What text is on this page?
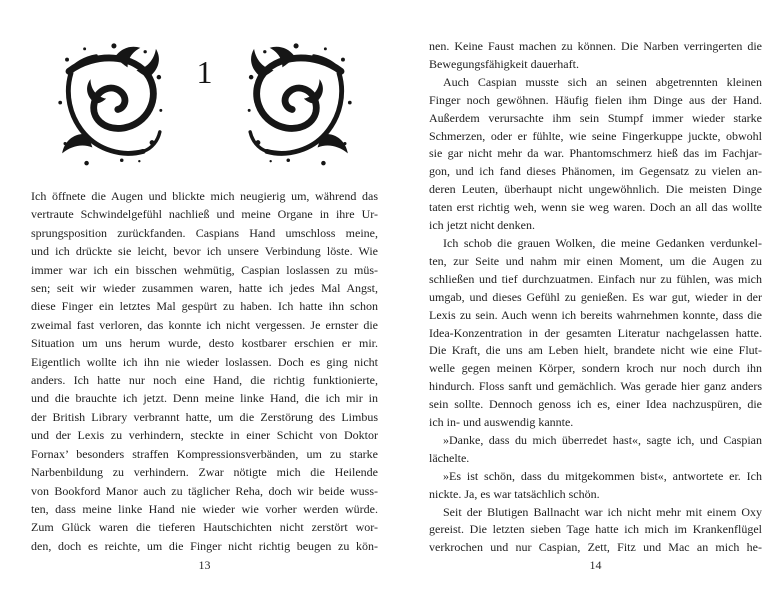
1
Ich öffnete die Augen und blickte mich neugierig um, während das
vertraute Schwindelgefühl nachließ und meine Organe in ihre Ur-
sprungsposition zurückfanden. Caspians Hand umschloss meine,
und ich drückte sie leicht, bevor ich unsere Verbindung löste. Wie
immer war ich ein bisschen wehmütig, Caspian loslassen zu müs-
sen; seit wir wieder zusammen waren, hatte ich jedes Mal Angst,
diese Finger ein letztes Mal gespürt zu haben. Ich hatte ihn schon
zweimal fast verloren, das konnte ich nicht vergessen. Je ernster die
Situation um uns herum wurde, desto kostbarer erschien er mir.
Eigentlich wollte ich ihn nie wieder loslassen. Doch es ging nicht
anders. Ich hatte nur noch eine Hand, die richtig funktionierte,
und die brauchte ich jetzt. Denn meine linke Hand, die ich mir in
der British Library verbrannt hatte, um die Zerstörung des Limbus
und der Lexis zu verhindern, steckte in einer Schicht von Doktor
Fornax’ besonders straffen Kompressionsverbänden, um zu starke
Narbenbildung zu verhindern. Zwar nötigte mich die Heilende
von Bookford Manor auch zu täglicher Reha, doch wir beide wuss-
ten, dass meine linke Hand nie wieder wie vorher werden würde.
Zum Glück waren die tieferen Hautschichten nicht zerstört wor-
den, doch es reichte, um die Finger nicht richtig beugen zu kön-
13
nen. Keine Faust machen zu können. Die Narben verringerten die
Bewegungsfähigkeit dauerhaft.
Auch Caspian musste sich an seinen abgetrennten kleinen
Finger noch gewöhnen. Häufig fielen ihm Dinge aus der Hand.
Außerdem verursachte ihm sein Stumpf immer wieder starke
Schmerzen, oder er fühlte, wie seine Fingerkuppe juckte, obwohl
sie gar nicht mehr da war. Phantomschmerz hieß das im Fachjar-
gon, und ich fand dieses Phänomen, im Gegensatz zu vielen an-
deren Leuten, überhaupt nicht ungewöhnlich. Die meisten Dinge
taten erst richtig weh, wenn sie weg waren. Doch an all das wollte
ich jetzt nicht denken.
Ich schob die grauen Wolken, die meine Gedanken verdunkel-
ten, zur Seite und nahm mir einen Moment, um die Augen zu
schließen und tief durchzuatmen. Einfach nur zu fühlen, was mich
umgab, und dieses Gefühl zu genießen. Es war gut, wieder in der
Lexis zu sein. Auch wenn ich bereits wahrnehmen konnte, dass die
Idea-Konzentration in der gesamten Literatur nachgelassen hatte.
Die Kraft, die uns am Leben hielt, brandete nicht wie eine Flut-
welle gegen meinen Körper, sondern kroch nur noch durch ihn
hindurch. Floss sanft und gemächlich. Was gerade hier ganz anders
sein sollte. Dennoch genoss ich es, einer Idea nachzuspüren, die
ich in- und auswendig kannte.
»Danke, dass du mich überredet hast«, sagte ich, und Caspian
lächelte.
»Es ist schön, dass du mitgekommen bist«, antwortete er. Ich
nickte. Ja, es war tatsächlich schön.
Seit der Blutigen Ballnacht war ich nicht mehr mit einem Oxy
gereist. Die letzten sieben Tage hatte ich mich im Krankenflügel
verkrochen und nur Caspian, Zett, Fitz und Mac an mich he-
14
